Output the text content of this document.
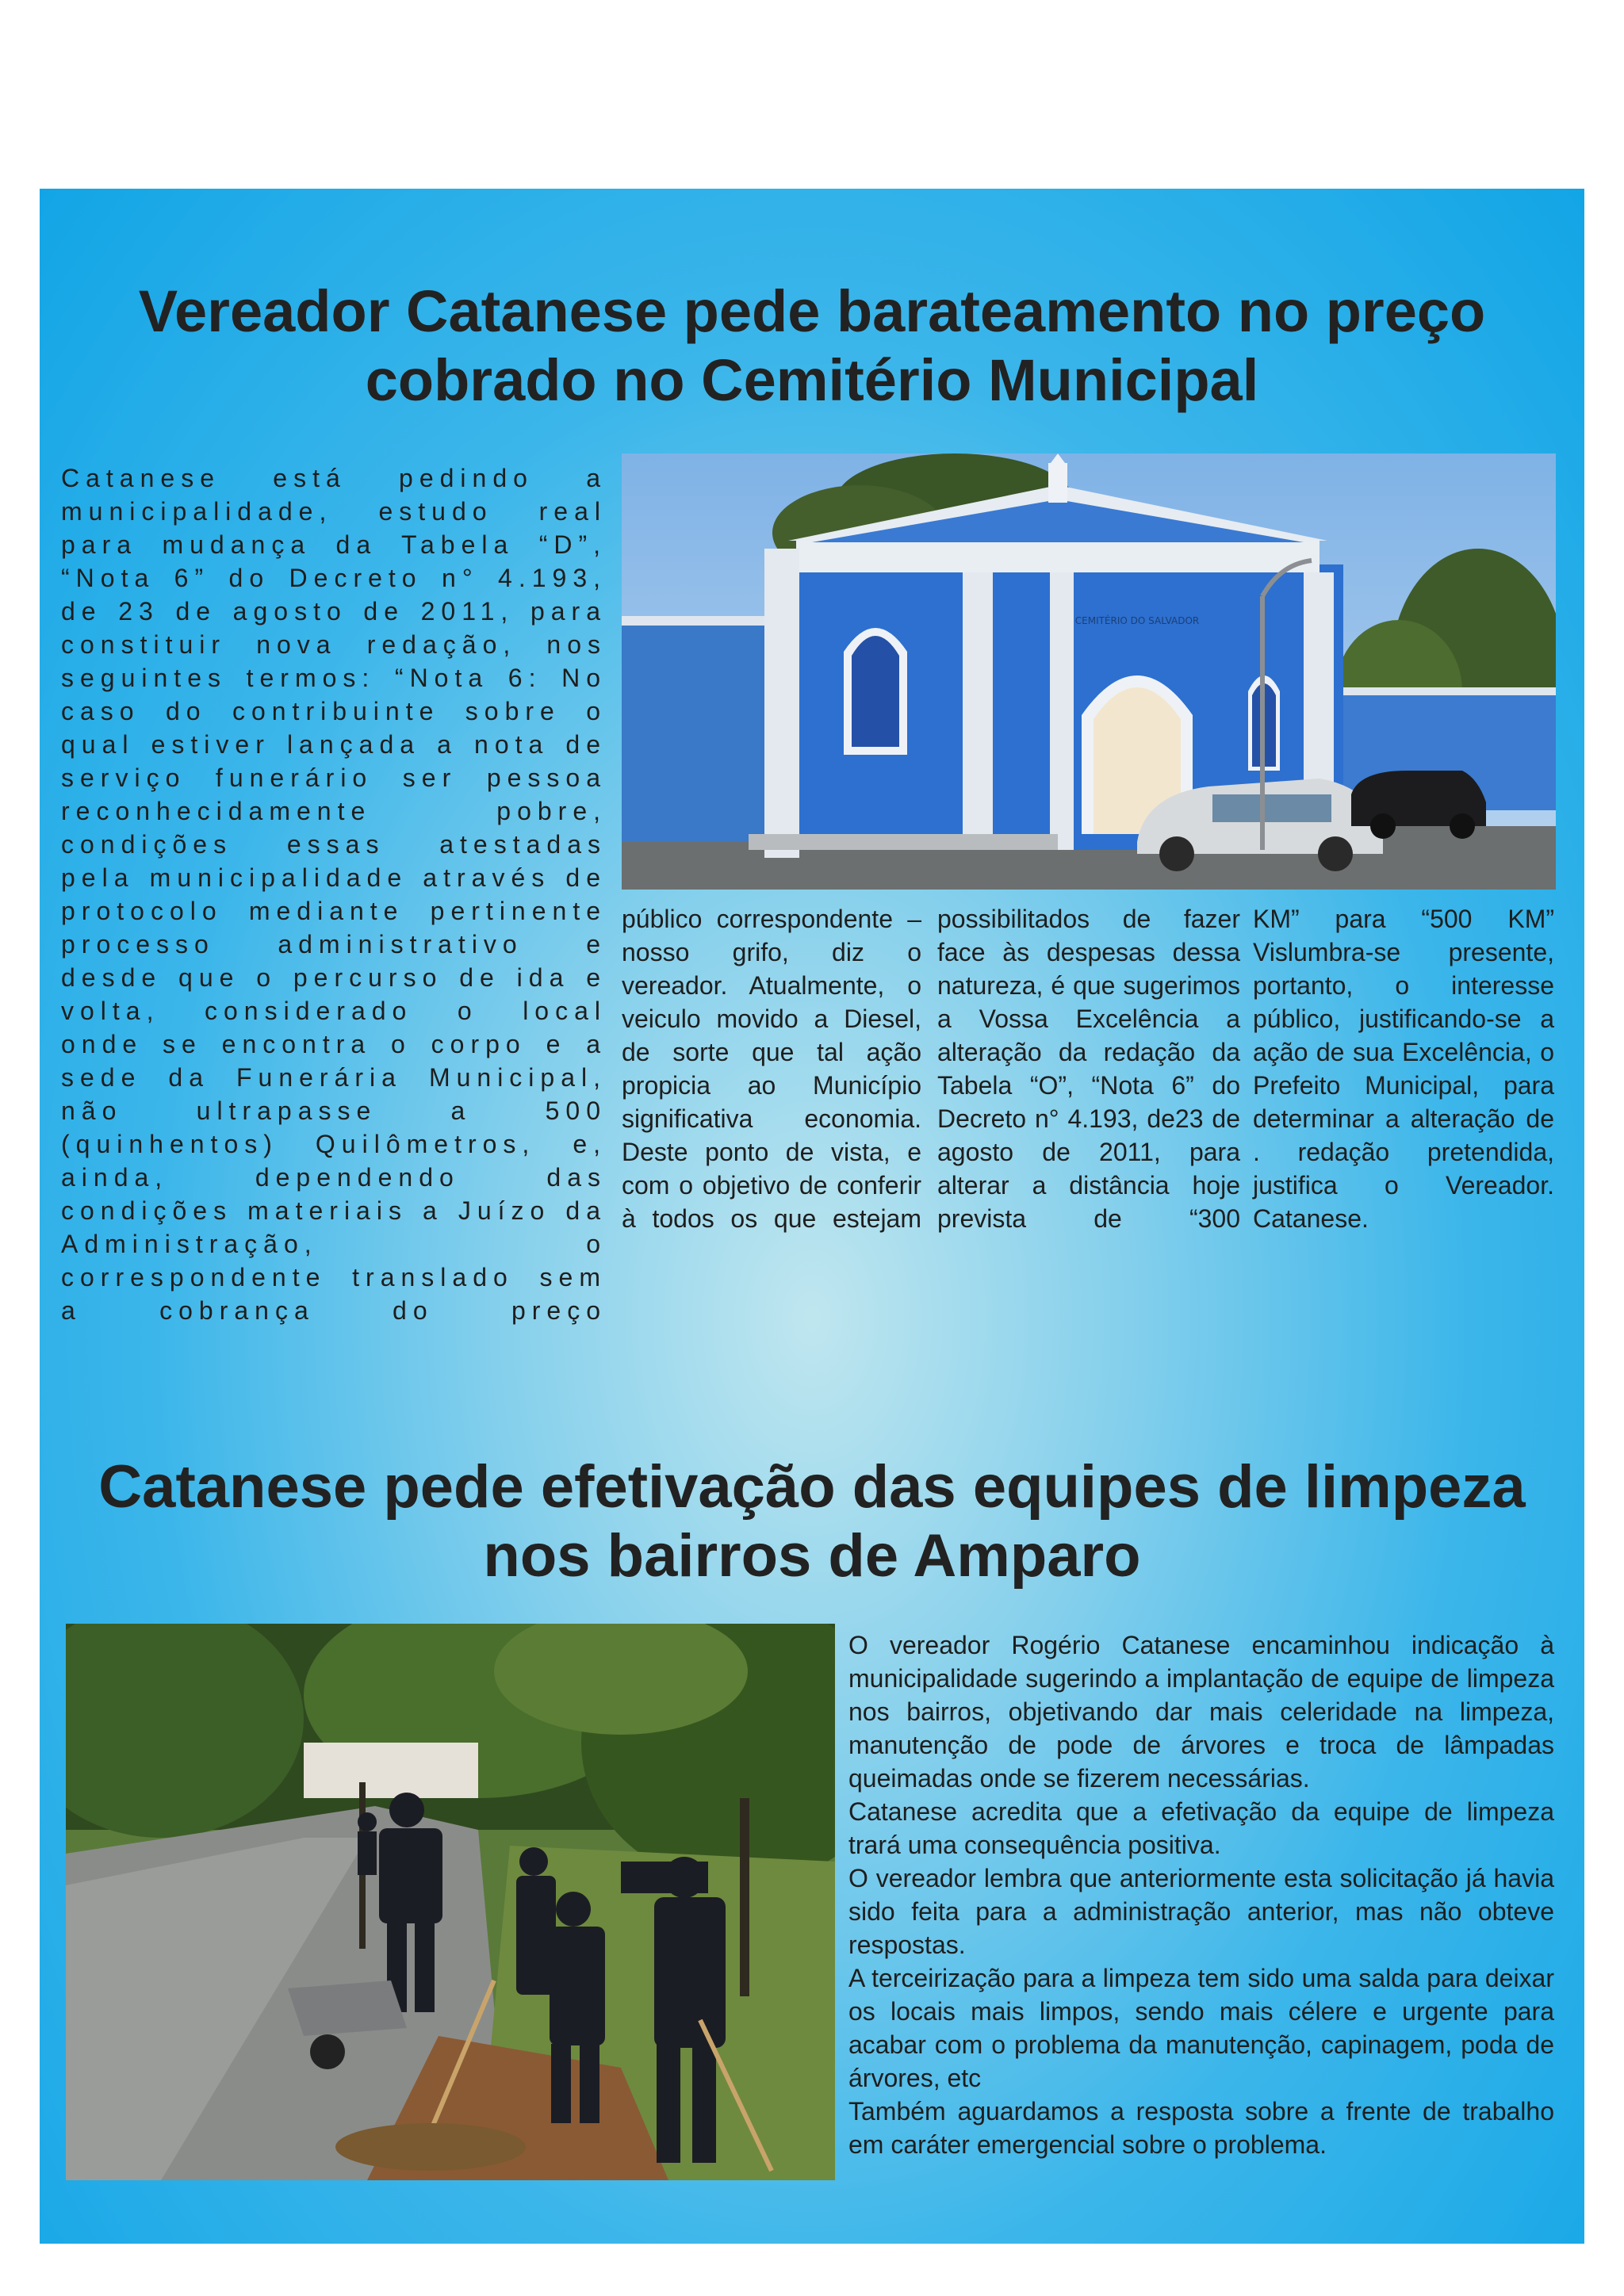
Vereador Catanese pede barateamento no preço cobrado no Cemitério Municipal

Catanese está pedindo a municipalidade, estudo real para mudança da Tabela “D”, “Nota 6” do Decreto n° 4.193, de 23 de agosto de 2011, para constituir nova redação, nos seguintes termos: “Nota 6: No caso do contribuinte sobre o qual estiver lançada a nota de serviço funerário ser pessoa reconhecidamente pobre, condições essas atestadas pela municipalidade através de protocolo mediante pertinente processo administrativo e desde que o percurso de ida e volta, considerado o local onde se encontra o corpo e a sede da Funerária Municipal, não ultrapasse a 500 (quinhentos) Quilômetros, e, ainda, dependendo das condições materiais a Juízo da Administração, o correspondente translado sem a cobrança do preço

CEMITÉRIO DO SALVADOR

público correspondente – nosso grifo, diz o vereador. Atualmente, o veiculo movido a Diesel, de sorte que tal ação propicia ao Município significativa economia. Deste ponto de vista, e com o objetivo de conferir à todos os que estejam

possibilitados de fazer face às despesas dessa natureza, é que sugerimos a Vossa Excelência a alteração da redação da Tabela “O”, “Nota 6” do Decreto n° 4.193, de23 de agosto de 2011, para alterar a distância hoje prevista de “300

KM” para “500 KM” Vislumbra-se presente, portanto, o interesse público, justificando-se a ação de sua Excelência, o Prefeito Municipal, para determinar a alteração de . redação pretendida, justifica o Vereador. Catanese.

Catanese pede efetivação das equipes de limpeza nos bairros de Amparo

O vereador Rogério Catanese encaminhou indicação à municipalidade sugerindo a implantação de equipe de limpeza nos bairros, objetivando dar mais celeridade na limpeza, manutenção de pode de árvores e troca de lâmpadas queimadas onde se fizerem necessárias.

Catanese acredita que a efetivação da equipe de limpeza trará uma consequência positiva.

O vereador lembra que anteriormente esta solicitação já havia sido feita para a administração anterior, mas não obteve respostas.

A terceirização para a limpeza tem sido uma salda para deixar os locais mais limpos, sendo mais célere e urgente para acabar com o problema da manutenção, capinagem, poda de árvores, etc

Também aguardamos a resposta sobre a frente de trabalho em caráter emergencial sobre o problema.
